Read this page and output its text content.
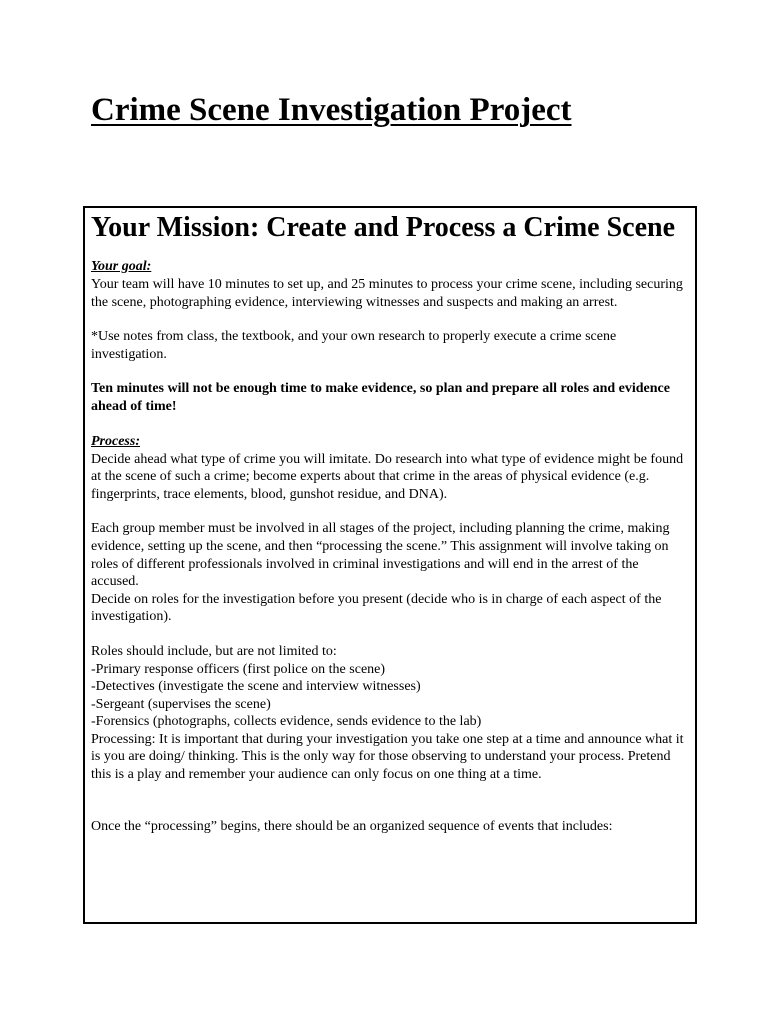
Crime Scene Investigation Project
Your Mission: Create and Process a Crime Scene

Your goal:

Your team will have 10 minutes to set up, and 25 minutes to process your crime scene, including securing the scene, photographing evidence, interviewing witnesses and suspects and making an arrest.

*Use notes from class, the textbook, and your own research to properly execute a crime scene investigation.

Ten minutes will not be enough time to make evidence, so plan and prepare all roles and evidence ahead of time!

Process:

Decide ahead what type of crime you will imitate. Do research into what type of evidence might be found at the scene of such a crime; become experts about that crime in the areas of physical evidence (e.g. fingerprints, trace elements, blood, gunshot residue, and DNA).

Each group member must be involved in all stages of the project, including planning the crime, making evidence, setting up the scene, and then “processing the scene.” This assignment will involve taking on roles of different professionals involved in criminal investigations and will end in the arrest of the accused.

Decide on roles for the investigation before you present (decide who is in charge of each aspect of the investigation).

Roles should include, but are not limited to:

-Primary response officers (first police on the scene)

-Detectives (investigate the scene and interview witnesses)

-Sergeant (supervises the scene)

-Forensics (photographs, collects evidence, sends evidence to the lab)

Processing: It is important that during your investigation you take one step at a time and announce what it is you are doing/ thinking. This is the only way for those observing to understand your process. Pretend this is a play and remember your audience can only focus on one thing at a time.

Once the “processing” begins, there should be an organized sequence of events that includes:
